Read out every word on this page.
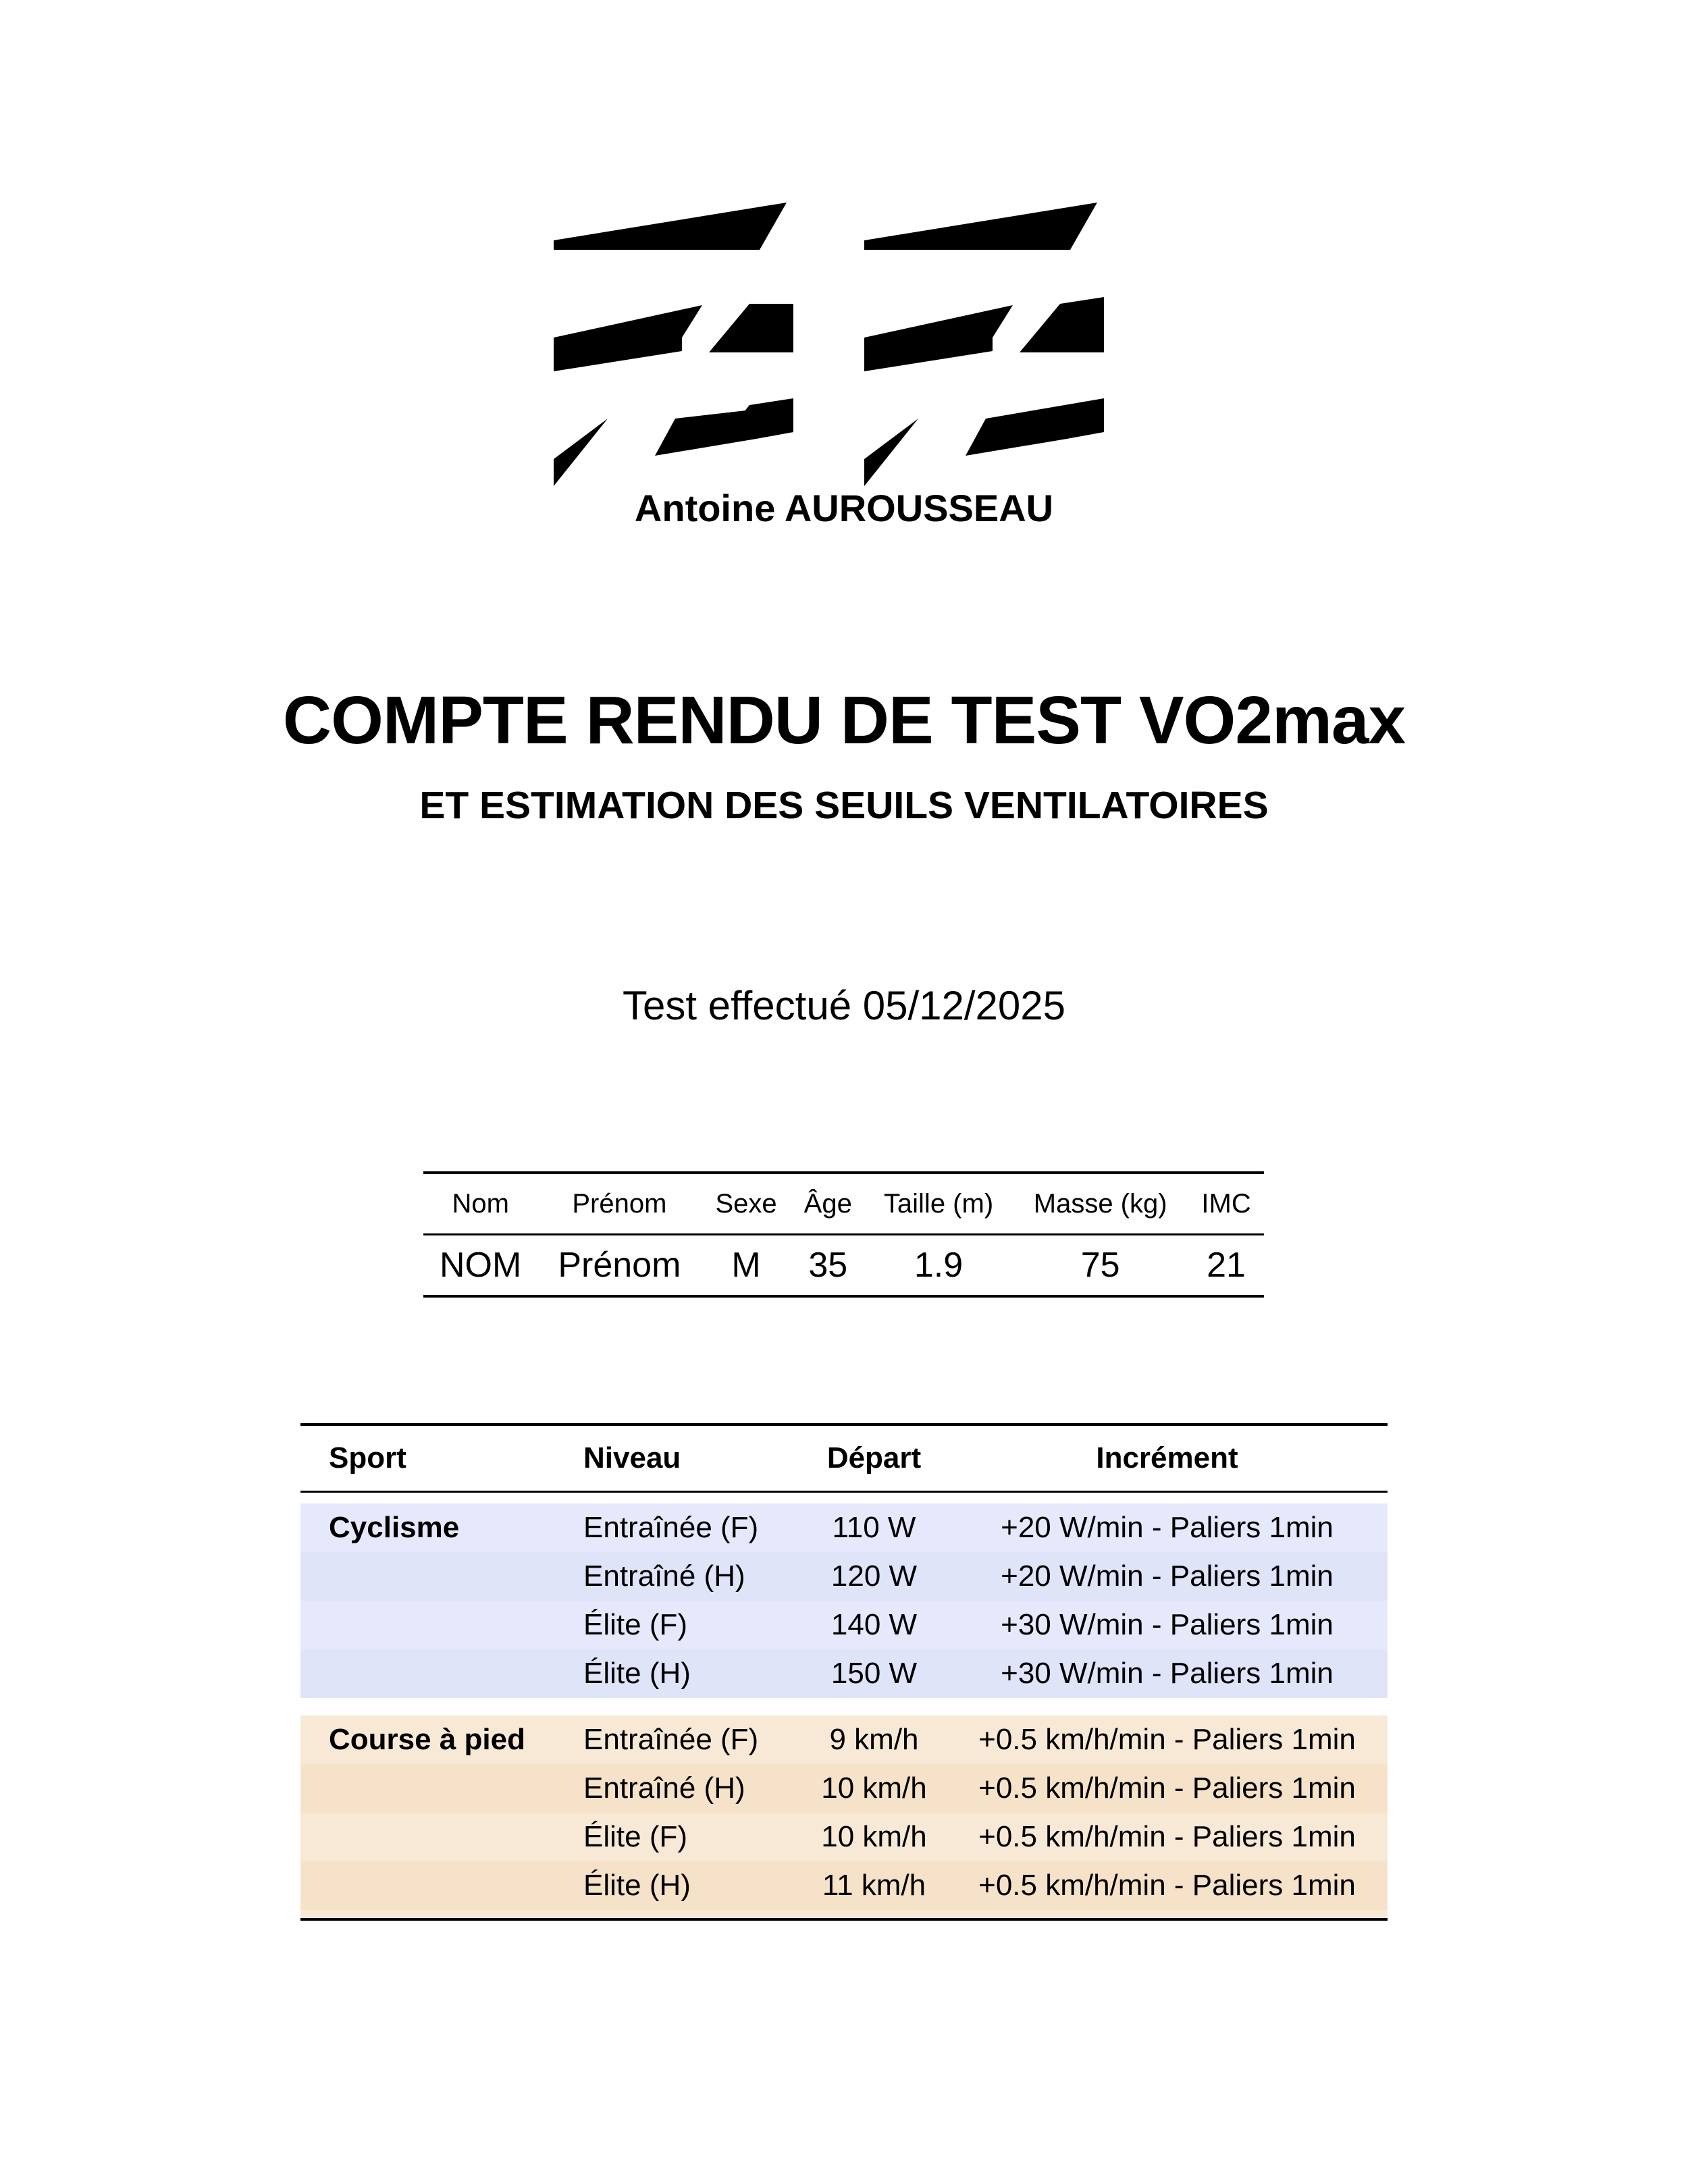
Antoine AUROUSSEAU
COMPTE RENDU DE TEST VO2max
ET ESTIMATION DES SEUILS VENTILATOIRES
Test effectué 05/12/2025
Nom	Prénom	Sexe	Âge	Taille (m)	Masse (kg)	IMC
NOM	Prénom	M	35	1.9	75	21
Sport	Niveau	Départ	Incrément

Cyclisme	Entraînée (F)	110 W	+20 W/min - Paliers 1min
	Entraîné (H)	120 W	+20 W/min - Paliers 1min
	Élite (F)	140 W	+30 W/min - Paliers 1min
	Élite (H)	150 W	+30 W/min - Paliers 1min

Course à pied	Entraînée (F)	9 km/h	+0.5 km/h/min - Paliers 1min
	Entraîné (H)	10 km/h	+0.5 km/h/min - Paliers 1min
	Élite (F)	10 km/h	+0.5 km/h/min - Paliers 1min
	Élite (H)	11 km/h	+0.5 km/h/min - Paliers 1min
